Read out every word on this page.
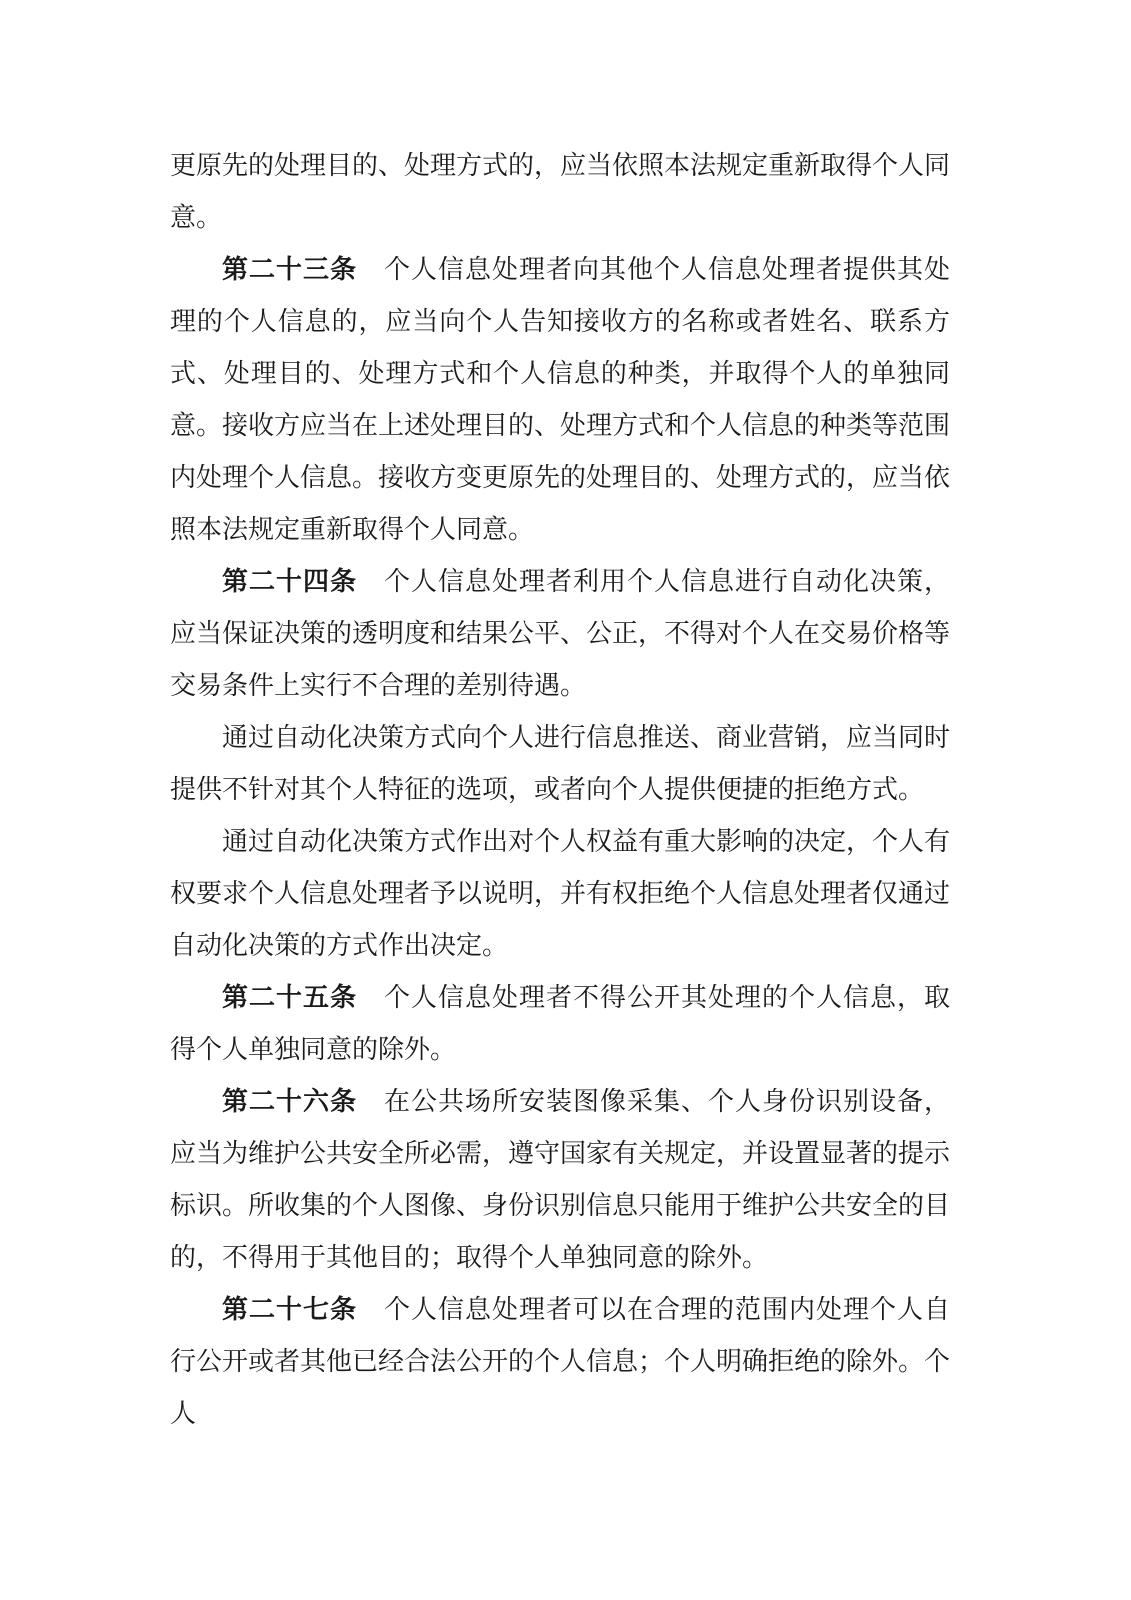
更原先的处理目的、处理方式的，应当依照本法规定重新取得个人同意。

第二十三条 个人信息处理者向其他个人信息处理者提供其处理的个人信息的，应当向个人告知接收方的名称或者姓名、联系方式、处理目的、处理方式和个人信息的种类，并取得个人的单独同意。接收方应当在上述处理目的、处理方式和个人信息的种类等范围内处理个人信息。接收方变更原先的处理目的、处理方式的，应当依照本法规定重新取得个人同意。

第二十四条 个人信息处理者利用个人信息进行自动化决策，应当保证决策的透明度和结果公平、公正，不得对个人在交易价格等交易条件上实行不合理的差别待遇。

通过自动化决策方式向个人进行信息推送、商业营销，应当同时提供不针对其个人特征的选项，或者向个人提供便捷的拒绝方式。

通过自动化决策方式作出对个人权益有重大影响的决定，个人有权要求个人信息处理者予以说明，并有权拒绝个人信息处理者仅通过自动化决策的方式作出决定。

第二十五条 个人信息处理者不得公开其处理的个人信息，取得个人单独同意的除外。

第二十六条 在公共场所安装图像采集、个人身份识别设备，应当为维护公共安全所必需，遵守国家有关规定，并设置显著的提示标识。所收集的个人图像、身份识别信息只能用于维护公共安全的目的，不得用于其他目的；取得个人单独同意的除外。

第二十七条 个人信息处理者可以在合理的范围内处理个人自行公开或者其他已经合法公开的个人信息；个人明确拒绝的除外。个人
